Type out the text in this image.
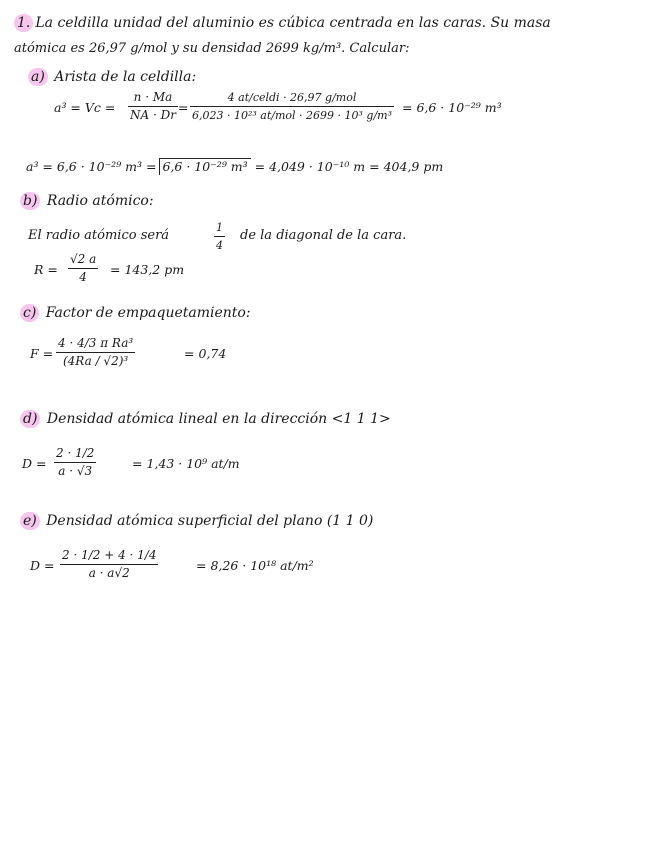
1. La celdilla unidad del aluminio es cúbica centrada en las caras. Su masa
atómica es 26,97 g/mol y su densidad 2699 kg/m³. Calcular:
a) Arista de la celdilla:
a³ = Vc =
n · Ma
NA · Dr =
4 at/celdi · 26,97 g/mol
6,023 · 10²³ at/mol · 2699 · 10³ g/m³
= 6,6 · 10⁻²⁹ m³
a³ = 6,6 · 10⁻²⁹ m³ = 6,6 · 10⁻²⁹ m³ = 4,049 · 10⁻¹⁰ m = 404,9 pm
b) Radio atómico:
El radio atómico será
1
4
de la diagonal de la cara.
R =
√2 a
4 = 143,2 pm
c) Factor de empaquetamiento:
F =
4 · 4/3 π Ra³
(4Ra / √2)³	= 0,74
d) Densidad atómica lineal en la dirección <1 1 1>
D =
2 · 1/2
a · √3	= 1,43 · 10⁹ at/m
e) Densidad atómica superficial del plano (1 1 0)
D =
2 · 1/2 + 4 · 1/4
a · a√2	= 8,26 · 10¹⁸ at/m²
